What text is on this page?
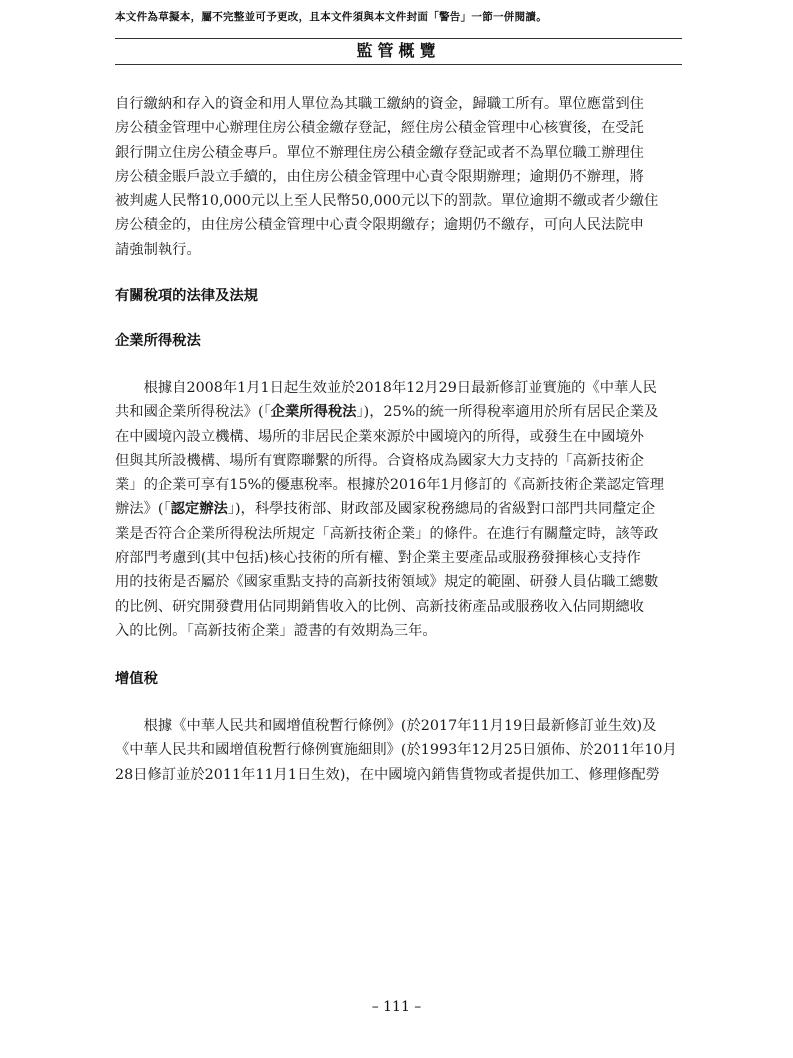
本文件為草擬本，屬不完整並可予更改，且本文件須與本文件封面「警告」一節一併閱讀。
監管概覽
自行繳納和存入的資金和用人單位為其職工繳納的資金，歸職工所有。單位應當到住
房公積金管理中心辦理住房公積金繳存登記，經住房公積金管理中心核實後，在受託
銀行開立住房公積金專戶。單位不辦理住房公積金繳存登記或者不為單位職工辦理住
房公積金賬戶設立手續的，由住房公積金管理中心責令限期辦理；逾期仍不辦理，將
被判處人民幣10,000元以上至人民幣50,000元以下的罰款。單位逾期不繳或者少繳住
房公積金的，由住房公積金管理中心責令限期繳存；逾期仍不繳存，可向人民法院申
請強制執行。
有關稅項的法律及法規
企業所得稅法
　　根據自2008年1月1日起生效並於2018年12月29日最新修訂並實施的《中華人民
共和國企業所得稅法》(「企業所得稅法」)，25%的統一所得稅率適用於所有居民企業及
在中國境內設立機構、場所的非居民企業來源於中國境內的所得，或發生在中國境外
但與其所設機構、場所有實際聯繫的所得。合資格成為國家大力支持的「高新技術企
業」的企業可享有15%的優惠稅率。根據於2016年1月修訂的《高新技術企業認定管理
辦法》(「認定辦法」)，科學技術部、財政部及國家稅務總局的省級對口部門共同釐定企
業是否符合企業所得稅法所規定「高新技術企業」的條件。在進行有關釐定時，該等政
府部門考慮到(其中包括)核心技術的所有權、對企業主要產品或服務發揮核心支持作
用的技術是否屬於《國家重點支持的高新技術領域》規定的範圍、研發人員佔職工總數
的比例、研究開發費用佔同期銷售收入的比例、高新技術產品或服務收入佔同期總收
入的比例。「高新技術企業」證書的有效期為三年。
增值稅
　　根據《中華人民共和國增值稅暫行條例》(於2017年11月19日最新修訂並生效)及
《中華人民共和國增值稅暫行條例實施細則》(於1993年12月25日頒佈、於2011年10月
28日修訂並於2011年11月1日生效)，在中國境內銷售貨物或者提供加工、修理修配勞
– 111 –
